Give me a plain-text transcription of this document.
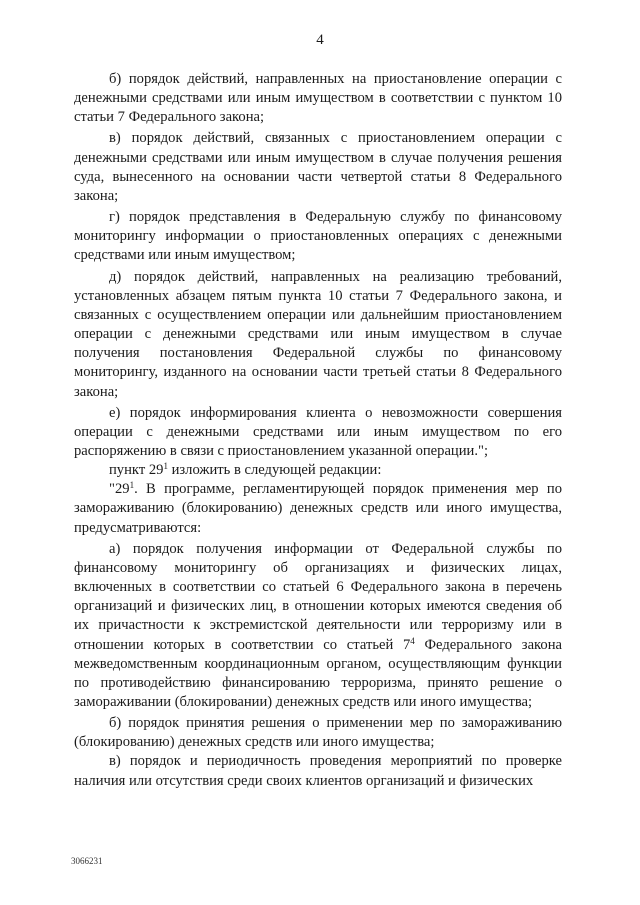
4

б) порядок действий, направленных на приостановление операции с денежными средствами или иным имуществом в соответствии с пунктом 10 статьи 7 Федерального закона;

в) порядок действий, связанных с приостановлением операции с денежными средствами или иным имуществом в случае получения решения суда, вынесенного на основании части четвертой статьи 8 Федерального закона;

г) порядок представления в Федеральную службу по финансовому мониторингу информации о приостановленных операциях с денежными средствами или иным имуществом;

д) порядок действий, направленных на реализацию требований, установленных абзацем пятым пункта 10 статьи 7 Федерального закона, и связанных с осуществлением операции или дальнейшим приостановлением операции с денежными средствами или иным имуществом в случае получения постановления Федеральной службы по финансовому мониторингу, изданного на основании части третьей статьи 8 Федерального закона;

е) порядок информирования клиента о невозможности совершения операции с денежными средствами или иным имуществом по его распоряжению в связи с приостановлением указанной операции.";

пункт $29^1$ изложить в следующей редакции:

"$29^1$. В программе, регламентирующей порядок применения мер по замораживанию (блокированию) денежных средств или иного имущества, предусматриваются:

а) порядок получения информации от Федеральной службы по финансовому мониторингу об организациях и физических лицах, включенных в соответствии со статьей 6 Федерального закона в перечень организаций и физических лиц, в отношении которых имеются сведения об их причастности к экстремистской деятельности или терроризму или в отношении которых в соответствии со статьей $7^4$ Федерального закона межведомственным координационным органом, осуществляющим функции по противодействию финансированию терроризма, принято решение о замораживании (блокировании) денежных средств или иного имущества;

б) порядок принятия решения о применении мер по замораживанию (блокированию) денежных средств или иного имущества;

в) порядок и периодичность проведения мероприятий по проверке наличия или отсутствия среди своих клиентов организаций и физических

3066231
